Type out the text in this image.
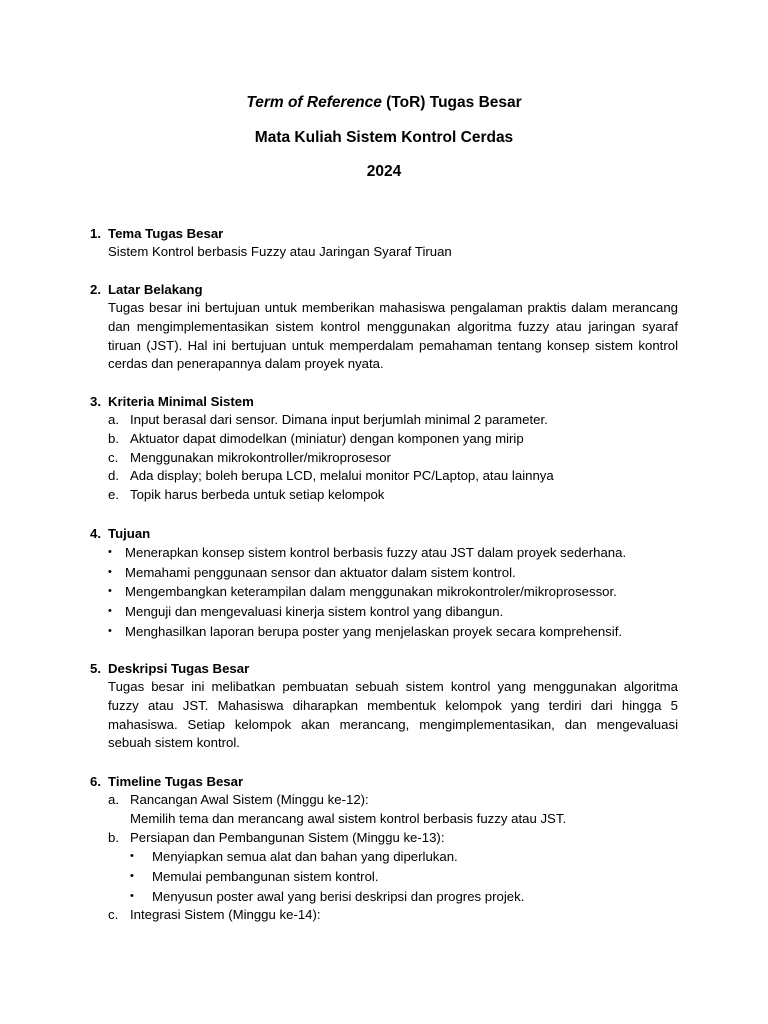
Term of Reference (ToR) Tugas Besar
Mata Kuliah Sistem Kontrol Cerdas
2024
1. Tema Tugas Besar
Sistem Kontrol berbasis Fuzzy atau Jaringan Syaraf Tiruan
2. Latar Belakang
Tugas besar ini bertujuan untuk memberikan mahasiswa pengalaman praktis dalam merancang dan mengimplementasikan sistem kontrol menggunakan algoritma fuzzy atau jaringan syaraf tiruan (JST). Hal ini bertujuan untuk memperdalam pemahaman tentang konsep sistem kontrol cerdas dan penerapannya dalam proyek nyata.
3. Kriteria Minimal Sistem
a. Input berasal dari sensor. Dimana input berjumlah minimal 2 parameter.
b. Aktuator dapat dimodelkan (miniatur) dengan komponen yang mirip
c. Menggunakan mikrokontroller/mikroprosesor
d. Ada display; boleh berupa LCD, melalui monitor PC/Laptop, atau lainnya
e. Topik harus berbeda untuk setiap kelompok
4. Tujuan
• Menerapkan konsep sistem kontrol berbasis fuzzy atau JST dalam proyek sederhana.
• Memahami penggunaan sensor dan aktuator dalam sistem kontrol.
• Mengembangkan keterampilan dalam menggunakan mikrokontroler/mikroprosessor.
• Menguji dan mengevaluasi kinerja sistem kontrol yang dibangun.
• Menghasilkan laporan berupa poster yang menjelaskan proyek secara komprehensif.
5. Deskripsi Tugas Besar
Tugas besar ini melibatkan pembuatan sebuah sistem kontrol yang menggunakan algoritma fuzzy atau JST. Mahasiswa diharapkan membentuk kelompok yang terdiri dari hingga 5 mahasiswa. Setiap kelompok akan merancang, mengimplementasikan, dan mengevaluasi sebuah sistem kontrol.
6. Timeline Tugas Besar
a. Rancangan Awal Sistem (Minggu ke-12):
Memilih tema dan merancang awal sistem kontrol berbasis fuzzy atau JST.
b. Persiapan dan Pembangunan Sistem (Minggu ke-13):
• Menyiapkan semua alat dan bahan yang diperlukan.
• Memulai pembangunan sistem kontrol.
• Menyusun poster awal yang berisi deskripsi dan progres projek.
c. Integrasi Sistem (Minggu ke-14):
